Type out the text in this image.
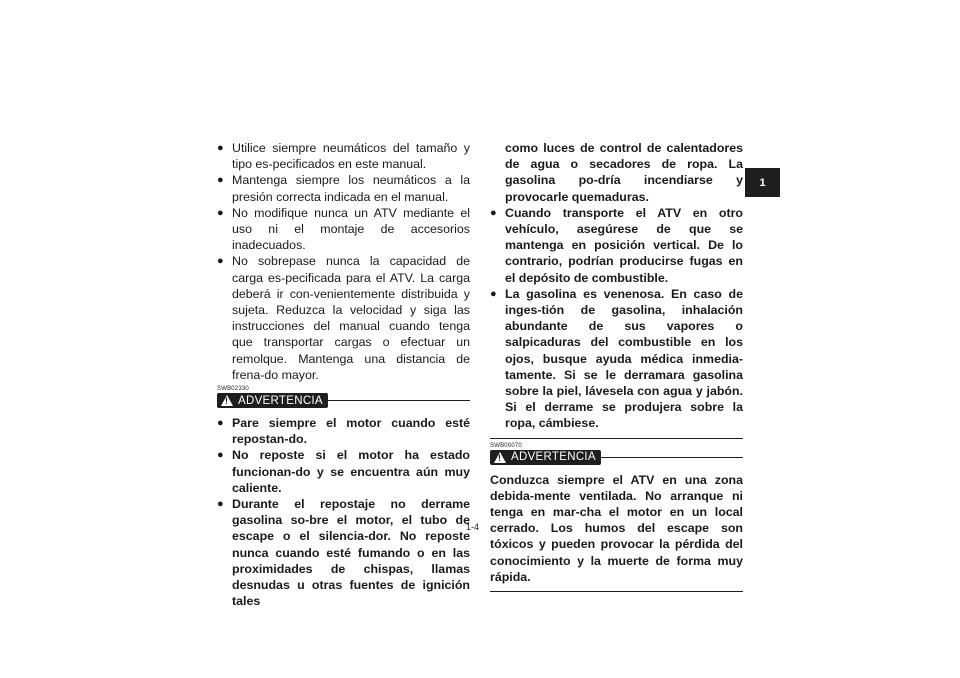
● Utilice siempre neumáticos del tamaño y tipo es-pecificados en este manual.

● Mantenga siempre los neumáticos a la presión correcta indicada en el manual.

● No modifique nunca un ATV mediante el uso ni el montaje de accesorios inadecuados.

● No sobrepase nunca la capacidad de carga es-pecificada para el ATV. La carga deberá ir con-venientemente distribuida y sujeta. Reduzca la velocidad y siga las instrucciones del manual cuando tenga que transportar cargas o efectuar un remolque. Mantenga una distancia de frena-do mayor.

SWB02330
! ADVERTENCIA

● Pare siempre el motor cuando esté repostan-do.

● No reposte si el motor ha estado funcionan-do y se encuentra aún muy caliente.

● Durante el repostaje no derrame gasolina so-bre el motor, el tubo de escape o el silencia-dor. No reposte nunca cuando esté fumando o en las proximidades de chispas, llamas desnudas u otras fuentes de ignición tales

como luces de control de calentadores de agua o secadores de ropa. La gasolina po-dría incendiarse y provocarle quemaduras.

● Cuando transporte el ATV en otro vehículo, asegúrese de que se mantenga en posición vertical. De lo contrario, podrían producirse fugas en el depósito de combustible.

● La gasolina es venenosa. En caso de inges-tión de gasolina, inhalación abundante de sus vapores o salpicaduras del combustible en los ojos, busque ayuda médica inmedia-tamente. Si se le derramara gasolina sobre la piel, lávesela con agua y jabón. Si el derrame se produjera sobre la ropa, cámbiese.

SWB00070
! ADVERTENCIA

Conduzca siempre el ATV en una zona debida-mente ventilada. No arranque ni tenga en mar-cha el motor en un local cerrado. Los humos del escape son tóxicos y pueden provocar la pérdida del conocimiento y la muerte de forma muy rápida.

1
1-4
